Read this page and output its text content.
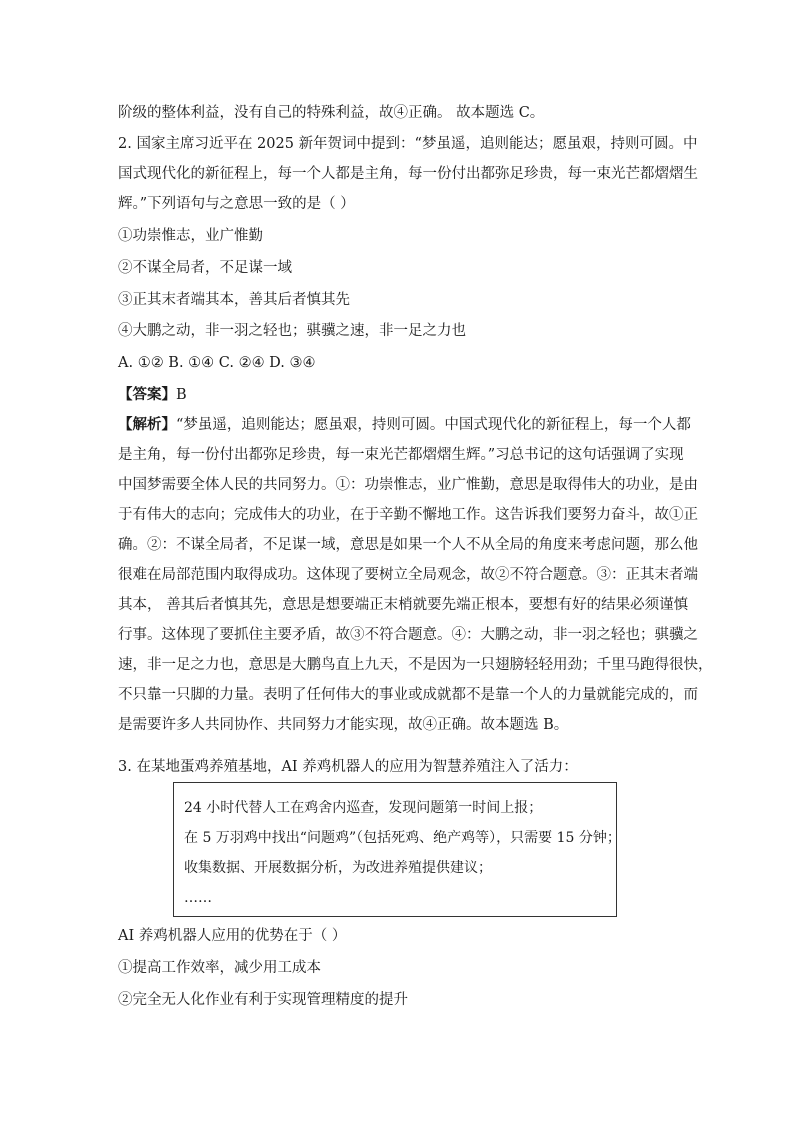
阶级的整体利益，没有自己的特殊利益，故④正确。 故本题选 C。
2. 国家主席习近平在 2025 新年贺词中提到：“梦虽遥，追则能达；愿虽艰，持则可圆。中
国式现代化的新征程上，每一个人都是主角，每一份付出都弥足珍贵，每一束光芒都熠熠生
辉。”下列语句与之意思一致的是（ ）
①功崇惟志，业广惟勤
②不谋全局者，不足谋一域
③正其末者端其本，善其后者慎其先
④大鹏之动，非一羽之轻也；骐骥之速，非一足之力也
A. ①② B. ①④ C. ②④ D. ③④
【答案】B
【解析】“梦虽遥，追则能达；愿虽艰，持则可圆。中国式现代化的新征程上，每一个人都
是主角，每一份付出都弥足珍贵，每一束光芒都熠熠生辉。”习总书记的这句话强调了实现
中国梦需要全体人民的共同努力。①：功崇惟志，业广惟勤，意思是取得伟大的功业，是由
于有伟大的志向；完成伟大的功业，在于辛勤不懈地工作。这告诉我们要努力奋斗，故①正
确。②：不谋全局者，不足谋一域，意思是如果一个人不从全局的角度来考虑问题，那么他
很难在局部范围内取得成功。这体现了要树立全局观念，故②不符合题意。③：正其末者端
其本， 善其后者慎其先，意思是想要端正末梢就要先端正根本，要想有好的结果必须谨慎
行事。这体现了要抓住主要矛盾，故③不符合题意。④：大鹏之动，非一羽之轻也；骐骥之
速，非一足之力也，意思是大鹏鸟直上九天，不是因为一只翅膀轻轻用劲；千里马跑得很快，
不只靠一只脚的力量。表明了任何伟大的事业或成就都不是靠一个人的力量就能完成的，而
是需要许多人共同协作、共同努力才能实现，故④正确。故本题选 B。
3. 在某地蛋鸡养殖基地，AI 养鸡机器人的应用为智慧养殖注入了活力：
24 小时代替人工在鸡舍内巡查，发现问题第一时间上报；
在 5 万羽鸡中找出“问题鸡”（包括死鸡、绝产鸡等），只需要 15 分钟；
收集数据、开展数据分析，为改进养殖提供建议；
……
AI 养鸡机器人应用的优势在于（ ）
①提高工作效率，减少用工成本
②完全无人化作业有利于实现管理精度的提升
